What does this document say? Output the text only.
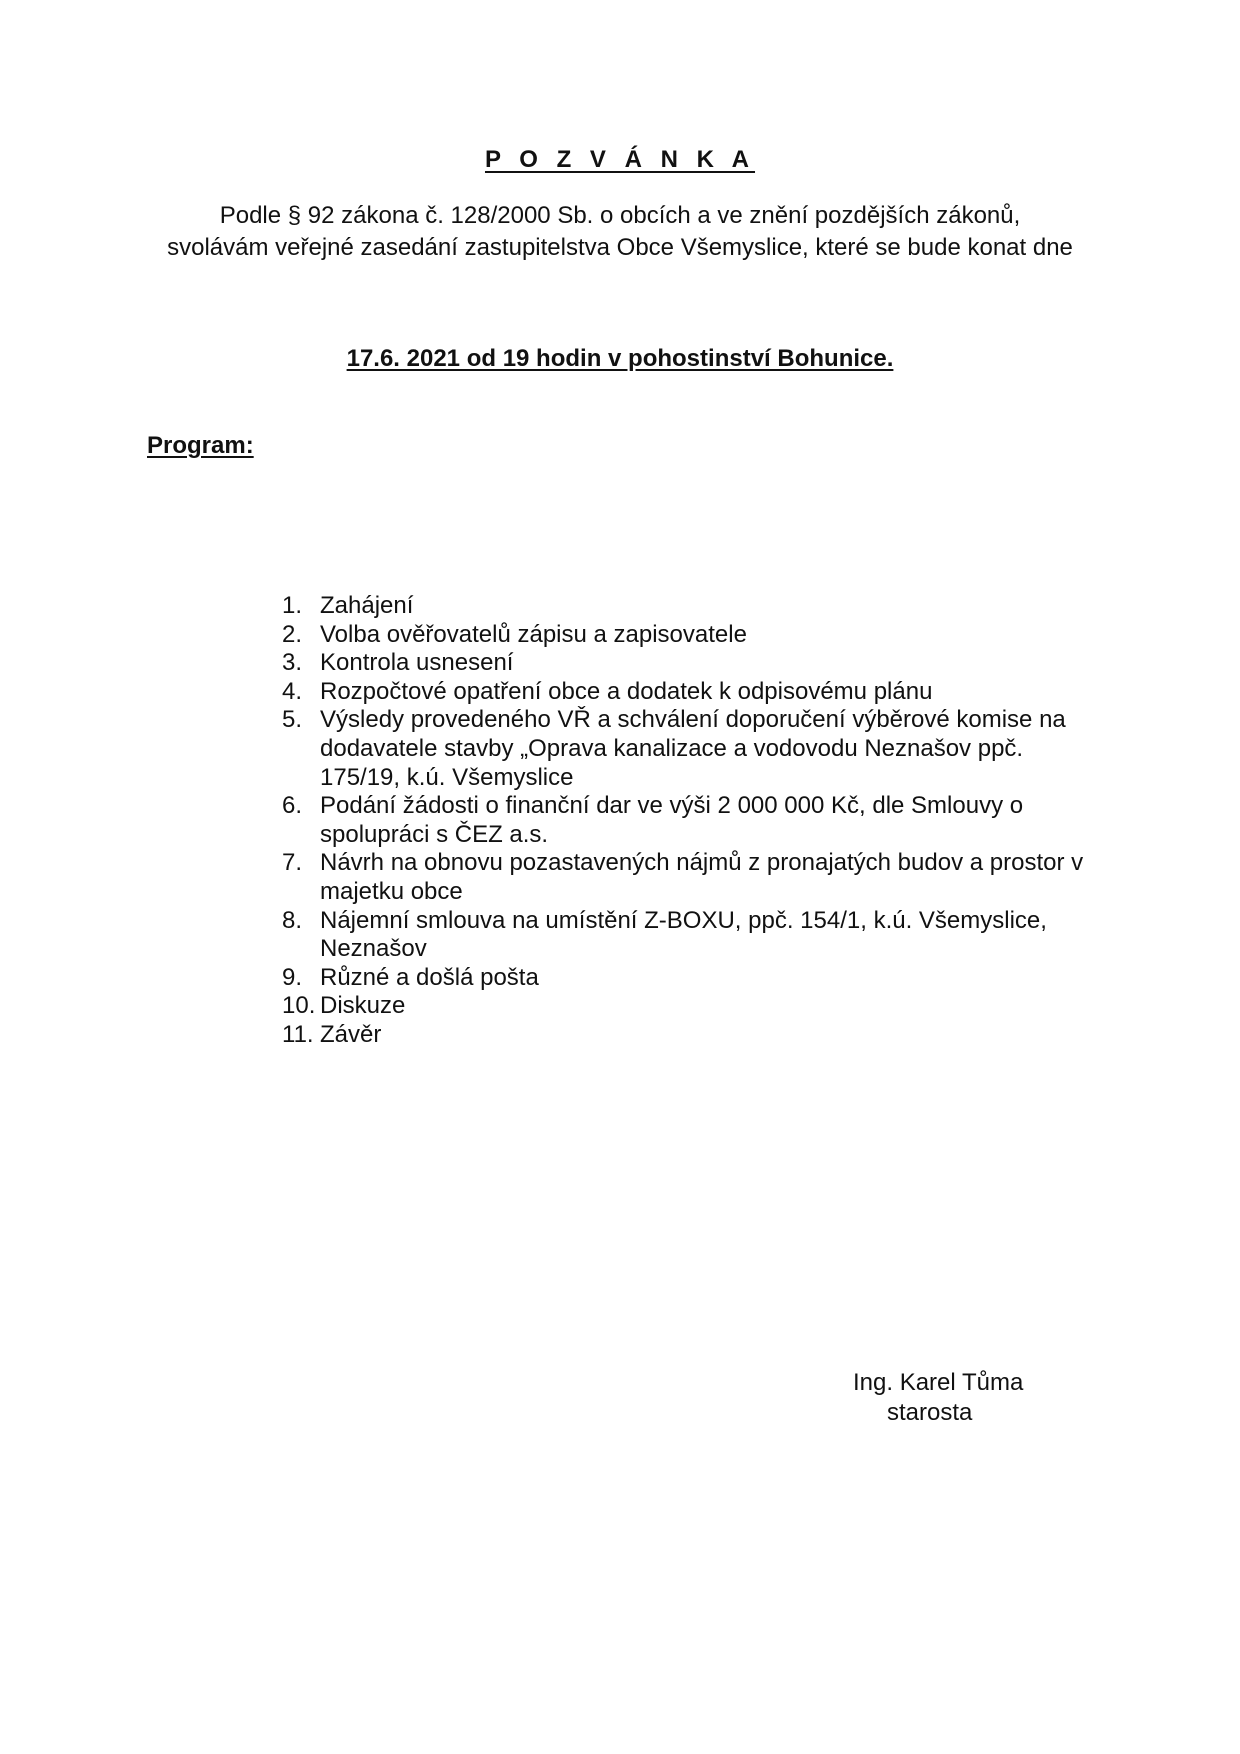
P O Z V Á N K A
Podle § 92 zákona č. 128/2000 Sb. o obcích a ve znění pozdějších zákonů,
svolávám veřejné zasedání zastupitelstva Obce Všemyslice, které se bude konat dne
17.6. 2021 od 19 hodin v pohostinství Bohunice.
Program:
1. Zahájení
2. Volba ověřovatelů zápisu a zapisovatele
3. Kontrola usnesení
4. Rozpočtové opatření obce a dodatek k odpisovému plánu
5. Výsledy provedeného VŘ a schválení doporučení výběrové komise na dodavatele stavby „Oprava kanalizace a vodovodu Neznašov ppč. 175/19, k.ú. Všemyslice
6. Podání žádosti o finanční dar ve výši 2 000 000 Kč, dle Smlouvy o spolupráci s ČEZ a.s.
7. Návrh na obnovu pozastavených nájmů z pronajatých budov a prostor v majetku obce
8. Nájemní smlouva na umístění Z-BOXU, ppč. 154/1, k.ú. Všemyslice, Neznašov
9. Různé a došlá pošta
10. Diskuze
11. Závěr
Ing. Karel Tůma
starosta
